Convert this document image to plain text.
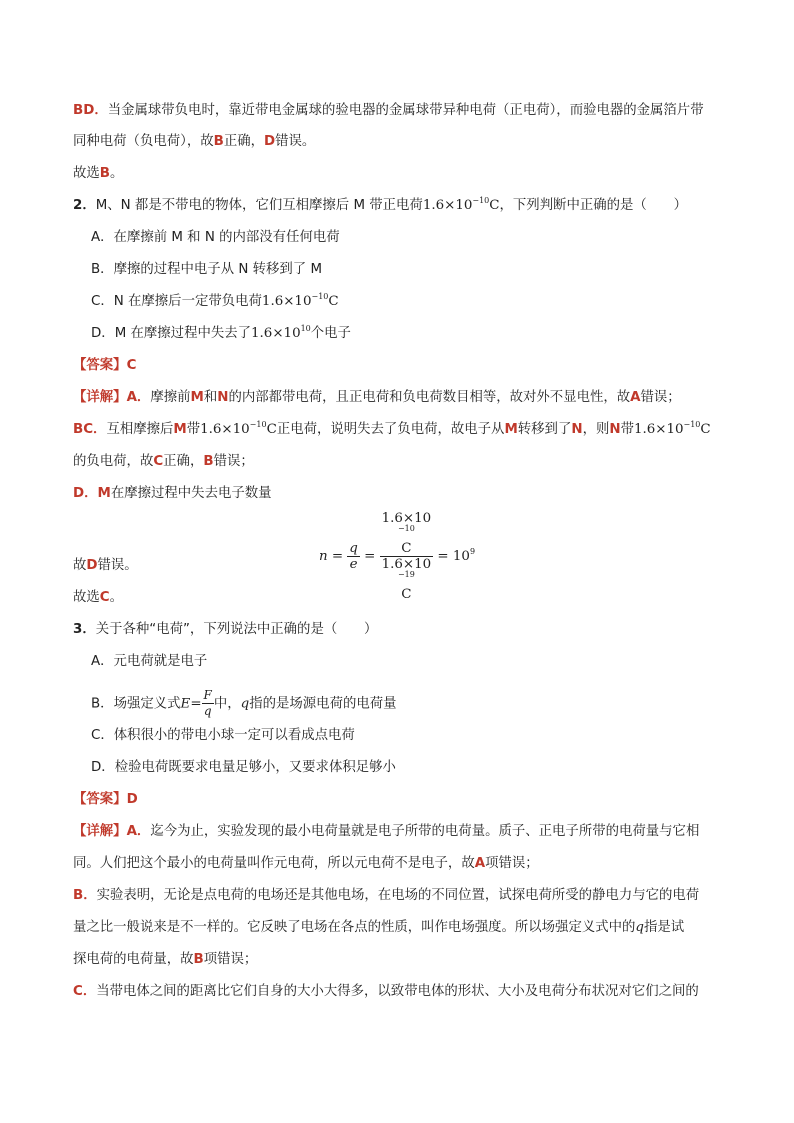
BD．当金属球带负电时，靠近带电金属球的验电器的金属球带异种电荷（正电荷），而验电器的金属箔片带
同种电荷（负电荷），故B正确，D错误。
故选B。
2．M、N 都是不带电的物体，它们互相摩擦后 M 带正电荷$1.6\times 10^{-10}C$，下列判断中正确的是（　　）
A．在摩擦前 M 和 N 的内部没有任何电荷
B．摩擦的过程中电子从 N 转移到了 M
C．N 在摩擦后一定带负电荷$1.6\times 10^{-10}C$
D．M 在摩擦过程中失去了$1.6\times 10^{10}$个电子
【答案】C
【详解】A．摩擦前M和N的内部都带电荷，且正电荷和负电荷数目相等，故对外不显电性，故A错误；
BC．互相摩擦后M带$1.6\times 10^{-10}C$正电荷，说明失去了负电荷，故电子从M转移到了N，则N带$1.6\times 10^{-10}C$
的负电荷，故C正确，B错误；
D．M在摩擦过程中失去电子数量
$n = \frac{q}{e} = 1.6\times 10$
$^{-10}$
C
1.6×10
$^{-19}$
$C = 10^9$
故D错误。
故选C。
3．关于各种“电荷”，下列说法中正确的是（　　）
A．元电荷就是电子
B．场强定义式$E= \frac{F}{q}$ 中，q指的是场源电荷的电荷量
C．体积很小的带电小球一定可以看成点电荷
D．检验电荷既要求电量足够小，又要求体积足够小
【答案】D
【详解】A．迄今为止，实验发现的最小电荷量就是电子所带的电荷量。质子、正电子所带的电荷量与它相
同。人们把这个最小的电荷量叫作元电荷，所以元电荷不是电子，故A项错误；
B．实验表明，无论是点电荷的电场还是其他电场，在电场的不同位置，试探电荷所受的静电力与它的电荷
量之比一般说来是不一样的。它反映了电场在各点的性质，叫作电场强度。所以场强定义式中的q指是试
探电荷的电荷量，故B项错误；
C．当带电体之间的距离比它们自身的大小大得多，以致带电体的形状、大小及电荷分布状况对它们之间的
